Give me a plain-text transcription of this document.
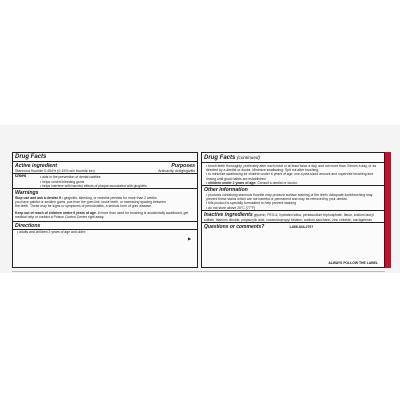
Drug Facts
Active ingredient	Purposes
Stannous fluoride 0.454% (0.15% w/v fluoride ion)	Anticavity, Antigingivitis
Uses
•	aids in the prevention of dental cavities
• helps control bleeding gums
• helps interfere with harmful effects of plaque associated with gingivitis
Warnings
Stop use and ask a dentist if • gingivitis, bleeding, or redness persists for more than 2 weeks
you have painful or swollen gums, pus from the gum line, loose teeth, or increasing spacing between
the teeth. These may be signs or symptoms of periodontitis, a serious form of gum disease.
Keep out of reach of children under 6 years of age. If more than used for brushing is accidentally swallowed, get medical help or contact a Poison Control Center right away.
Directions
• adults and children 2 years of age and older:
▶
Drug Facts (continued)
• brush teeth thoroughly, preferably after each meal or at least twice a day, and not more than 3 times a day, or as directed by a dentist or doctor. Minimize swallowing. Spit out after brushing.
• to minimize swallowing for children under 6 years of age, use a pea-sized amount and supervise brushing and rinsing until good habits are established
• children under 2 years of age: Consult a dentist or doctor.
Other information
• products containing stannous fluoride may produce surface staining of the teeth. Adequate toothbrushing may prevent these stains which are not harmful or permanent and may be removed by your dentist.
• this product is specially formulated to help prevent staining
• do not store above 25°C (77°F)
Inactive ingredients glycerin, PEG-6, hydrated silica, pentasodium triphosphate, flavor, sodium lauryl sulfate, titanium dioxide, polyacrylic acid, cocamidopropyl betaine, sodium saccharin, zinc chloride, carrageenan
Questions or comments?	1-866-844-2797
ALWAYS FOLLOW THE LABEL
